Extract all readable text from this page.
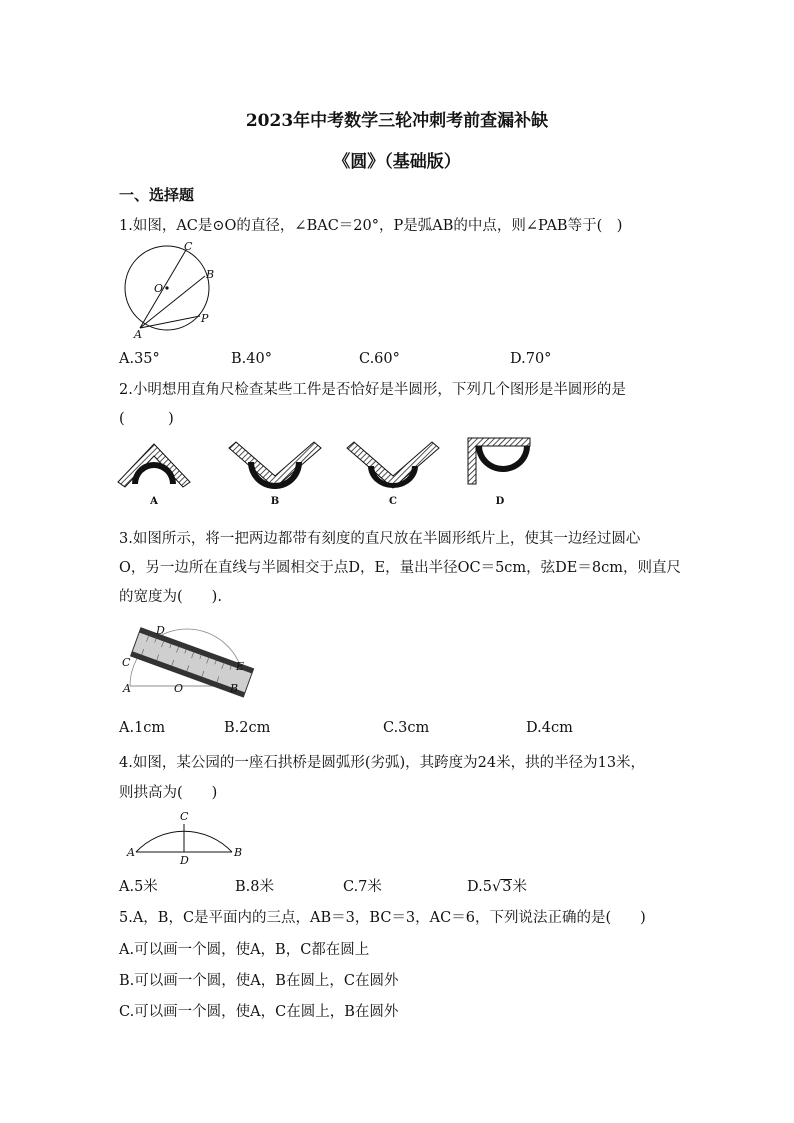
2023年中考数学三轮冲刺考前查漏补缺
《圆》（基础版）
一、选择题
1.如图，AC是⊙O的直径，∠BAC＝20°，P是弧AB的中点，则∠PAB等于(　)
C
B
O
A
P
A.35°	B.40°	C.60°	D.70°
2.小明想用直角尺检查某些工件是否恰好是半圆形，下列几个图形是半圆形的是
(　　　)
A	B	C	D
3.如图所示，将一把两边都带有刻度的直尺放在半圆形纸片上，使其一边经过圆心
O，另一边所在直线与半圆相交于点D，E，量出半径OC＝5cm，弦DE＝8cm，则直尺
的宽度为(　　).
D
C	E
A	O	B
A.1cm	B.2cm	C.3cm	D.4cm
4.如图，某公园的一座石拱桥是圆弧形(劣弧)，其跨度为24米，拱的半径为13米，
则拱高为(　　)
C
A
D
B
A.5米	B.8米	C.7米	D.5√3米
5.A，B，C是平面内的三点，AB＝3，BC＝3，AC＝6，下列说法正确的是(　　)
A.可以画一个圆，使A，B，C都在圆上
B.可以画一个圆，使A，B在圆上，C在圆外
C.可以画一个圆，使A，C在圆上，B在圆外
